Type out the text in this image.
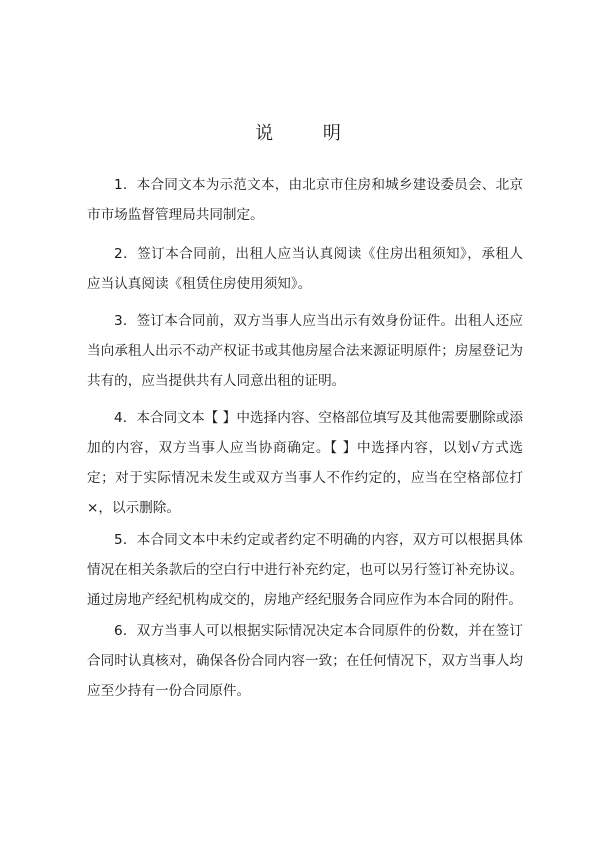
说 明

1．本合同文本为示范文本，由北京市住房和城乡建设委员会、北京市市场监督管理局共同制定。

2．签订本合同前，出租人应当认真阅读《住房出租须知》，承租人应当认真阅读《租赁住房使用须知》。

3．签订本合同前，双方当事人应当出示有效身份证件。出租人还应当向承租人出示不动产权证书或其他房屋合法来源证明原件；房屋登记为共有的，应当提供共有人同意出租的证明。

4．本合同文本【 】中选择内容、空格部位填写及其他需要删除或添加的内容，双方当事人应当协商确定。【 】中选择内容，以划√方式选定；对于实际情况未发生或双方当事人不作约定的，应当在空格部位打×，以示删除。

5．本合同文本中未约定或者约定不明确的内容，双方可以根据具体情况在相关条款后的空白行中进行补充约定，也可以另行签订补充协议。通过房地产经纪机构成交的，房地产经纪服务合同应作为本合同的附件。

6．双方当事人可以根据实际情况决定本合同原件的份数，并在签订合同时认真核对，确保各份合同内容一致；在任何情况下，双方当事人均应至少持有一份合同原件。
